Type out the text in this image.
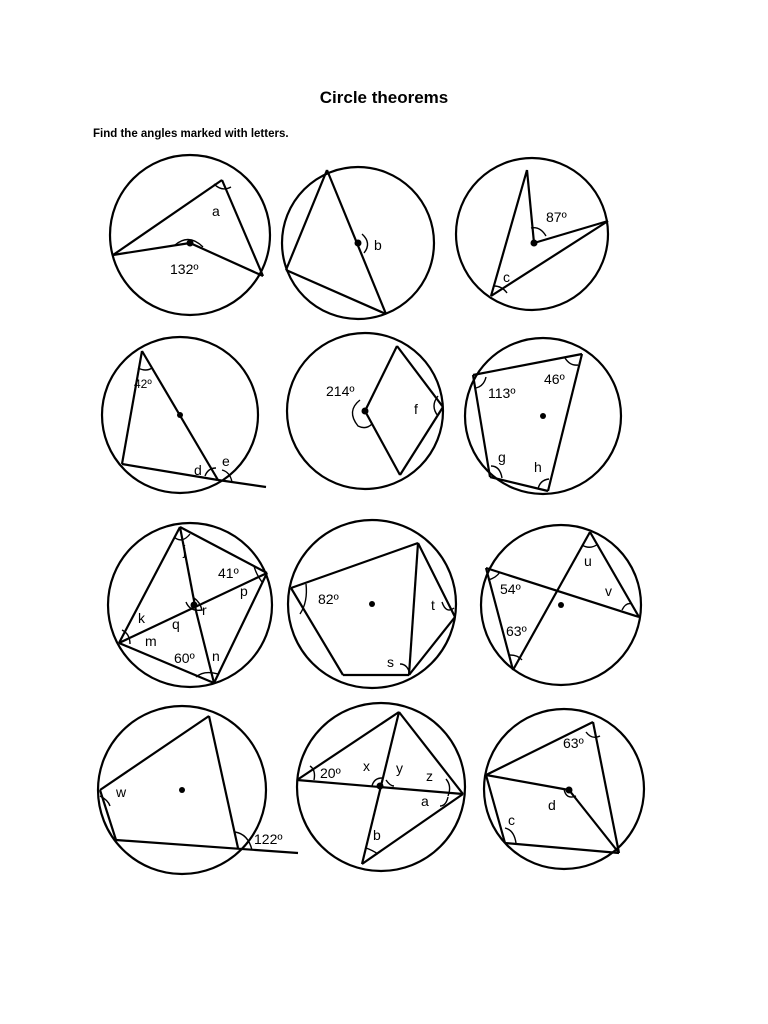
Circle theorems
Find the angles marked with letters.
a
132º
b
87º
c
42º
d
e
214º
f
46º
113º
g
h
j
41º
p
k q
r
m
60º n
82º	t
s
u
54º	v
63º
w
122º
20º x y z
a
b
63º
d
c
